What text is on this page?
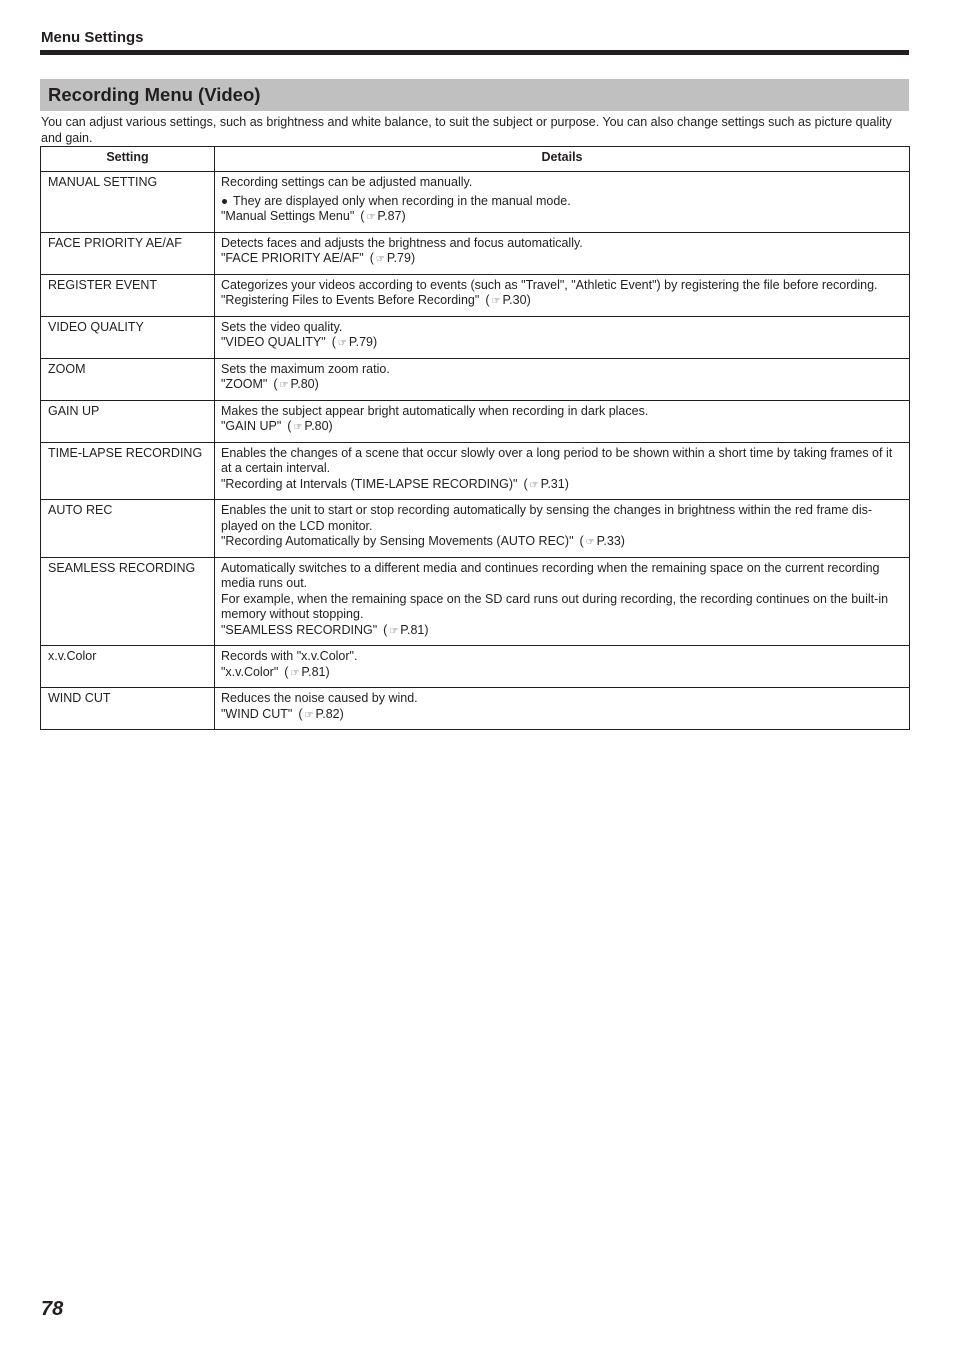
Menu Settings
Recording Menu (Video)
You can adjust various settings, such as brightness and white balance, to suit the subject or purpose. You can also change settings such as picture quality and gain.
Setting	Details
MANUAL SETTING	Recording settings can be adjusted manually.
They are displayed only when recording in the manual mode.
"Manual Settings Menu" ( ☞ P.87)

FACE PRIORITY AE/AF	Detects faces and adjusts the brightness and focus automatically.
"FACE PRIORITY AE/AF" ( ☞ P.79)

REGISTER EVENT	Categorizes your videos according to events (such as "Travel", "Athletic Event") by registering the file before recording.
"Registering Files to Events Before Recording" ( ☞ P.30)

VIDEO QUALITY	Sets the video quality.
"VIDEO QUALITY" ( ☞ P.79)

ZOOM	Sets the maximum zoom ratio.
"ZOOM" ( ☞ P.80)

GAIN UP	Makes the subject appear bright automatically when recording in dark places.
"GAIN UP" ( ☞ P.80)

TIME-LAPSE RECORDING	Enables the changes of a scene that occur slowly over a long period to be shown within a short time by taking frames of it at a certain interval.
"Recording at Intervals (TIME-LAPSE RECORDING)" ( ☞ P.31)

AUTO REC	Enables the unit to start or stop recording automatically by sensing the changes in brightness within the red frame dis-played on the LCD monitor.
"Recording Automatically by Sensing Movements (AUTO REC)" ( ☞ P.33)

SEAMLESS RECORDING	Automatically switches to a different media and continues recording when the remaining space on the current recording media runs out.
For example, when the remaining space on the SD card runs out during recording, the recording continues on the built-in memory without stopping.
"SEAMLESS RECORDING" ( ☞ P.81)

x.v.Color	Records with "x.v.Color".
"x.v.Color" ( ☞ P.81)

WIND CUT	Reduces the noise caused by wind.
"WIND CUT" ( ☞ P.82)
78
